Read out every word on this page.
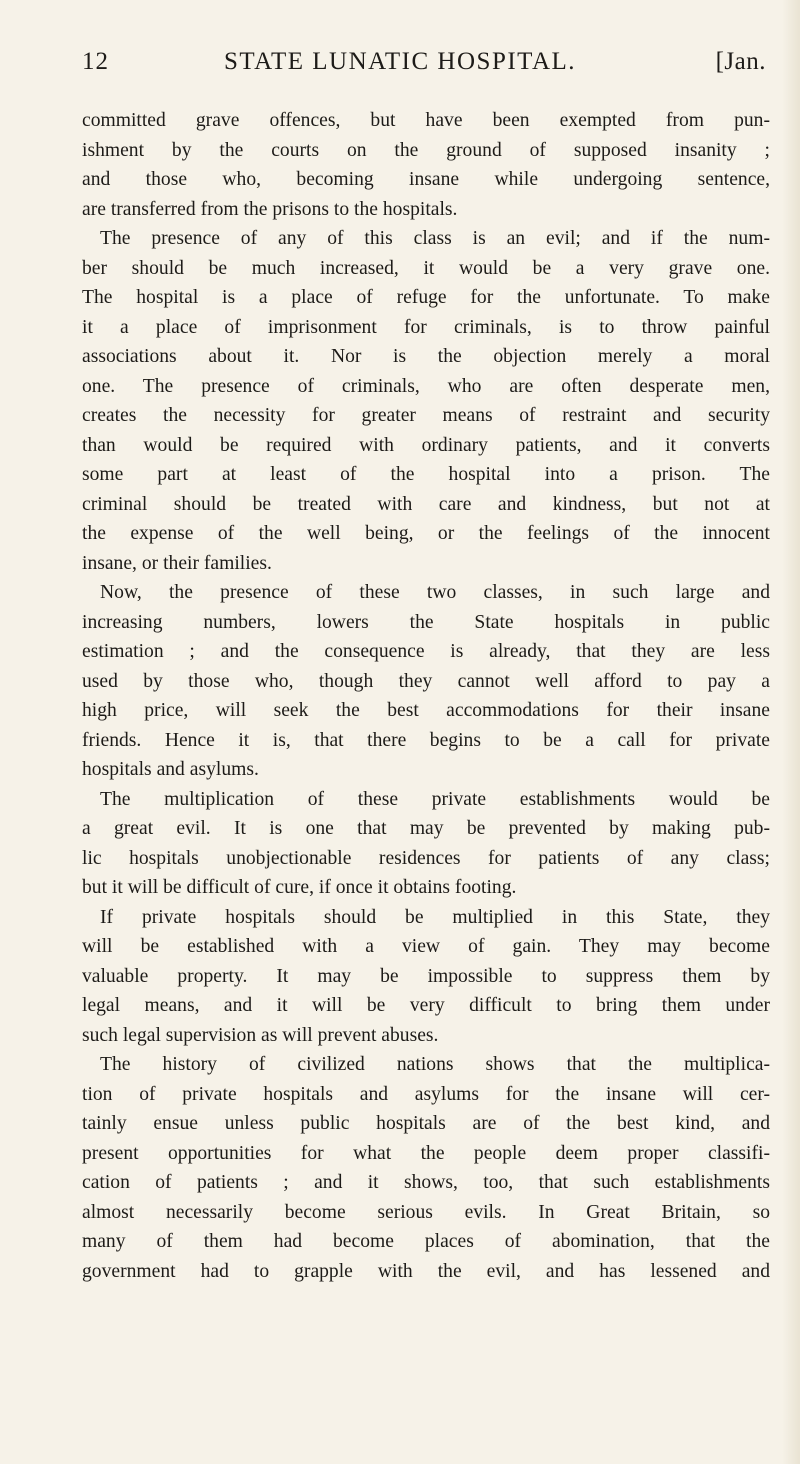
12	STATE LUNATIC HOSPITAL.	[Jan.
committed grave offences, but have been exempted from pun-
ishment by the courts on the ground of supposed insanity ;
and those who, becoming insane while undergoing sentence,
are transferred from the prisons to the hospitals.
The presence of any of this class is an evil; and if the num-
ber should be much increased, it would be a very grave one.
The hospital is a place of refuge for the unfortunate. To make
it a place of imprisonment for criminals, is to throw painful
associations about it. Nor is the objection merely a moral
one. The presence of criminals, who are often desperate men,
creates the necessity for greater means of restraint and security
than would be required with ordinary patients, and it converts
some part at least of the hospital into a prison. The
criminal should be treated with care and kindness, but not at
the expense of the well being, or the feelings of the innocent
insane, or their families.
Now, the presence of these two classes, in such large and
increasing numbers, lowers the State hospitals in public
estimation ; and the consequence is already, that they are less
used by those who, though they cannot well afford to pay a
high price, will seek the best accommodations for their insane
friends. Hence it is, that there begins to be a call for private
hospitals and asylums.
The multiplication of these private establishments would be
a great evil. It is one that may be prevented by making pub-
lic hospitals unobjectionable residences for patients of any class;
but it will be difficult of cure, if once it obtains footing.
If private hospitals should be multiplied in this State, they
will be established with a view of gain. They may become
valuable property. It may be impossible to suppress them by
legal means, and it will be very difficult to bring them under
such legal supervision as will prevent abuses.
The history of civilized nations shows that the multiplica-
tion of private hospitals and asylums for the insane will cer-
tainly ensue unless public hospitals are of the best kind, and
present opportunities for what the people deem proper classifi-
cation of patients ; and it shows, too, that such establishments
almost necessarily become serious evils. In Great Britain, so
many of them had become places of abomination, that the
government had to grapple with the evil, and has lessened and
